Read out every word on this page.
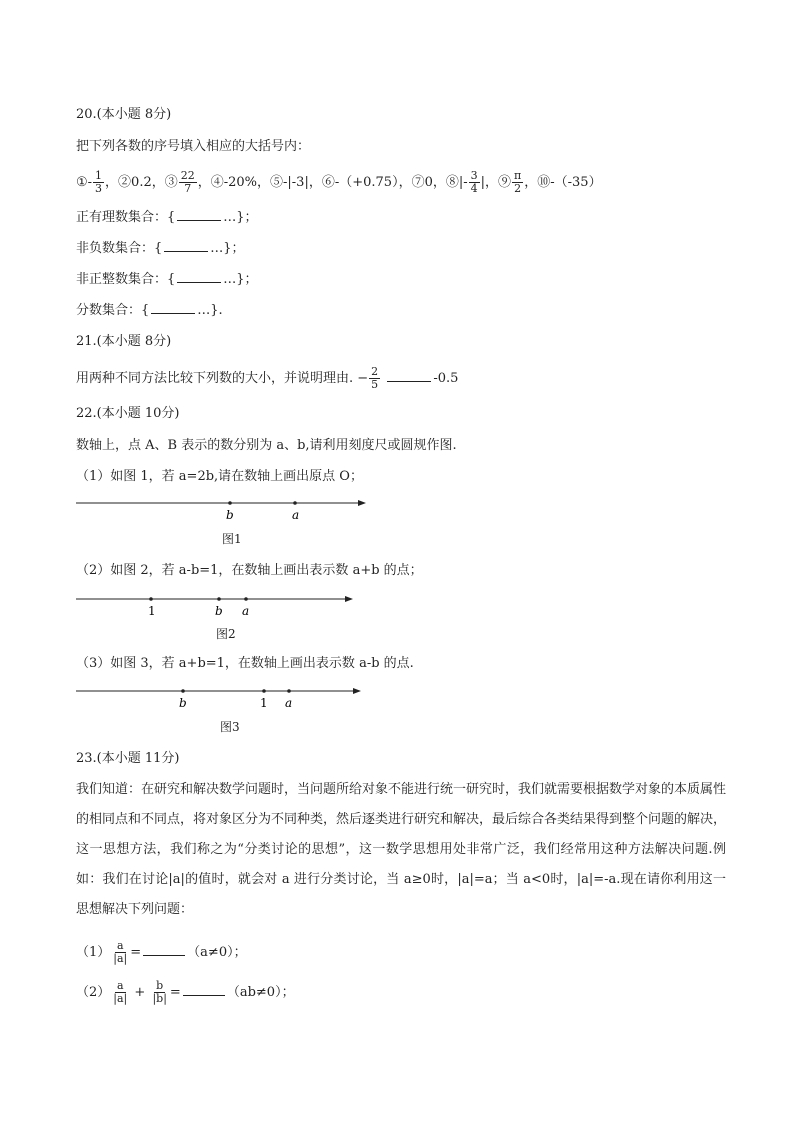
20.(本小题 8分)
把下列各数的序号填入相应的大括号内：
①- $\frac{1}{3}$ ，②0.2，③ $\frac{22}{7}$ ，④-20%，⑤-|-3|，⑥-（+0.75），⑦0，⑧|- $\frac{3}{4}$ |，⑨ $\frac{\pi}{2}$ ，⑩-（-35）
正有理数集合：{	…}；
非负数集合：{	…}；
非正整数集合：{	…}；
分数集合：{	…}.
21.(本小题 8分)
用两种不同方法比较下列数的大小，并说明理由. − $\frac{2}{5}$	-0.5
22.(本小题 10分)
数轴上，点 A、B 表示的数分别为 a、b,请利用刻度尺或圆规作图.
（1）如图 1，若 a=2b,请在数轴上画出原点 O；
b	a
图1
（2）如图 2，若 a-b=1，在数轴上画出表示数 a+b 的点；
1	b a
图2
（3）如图 3，若 a+b=1，在数轴上画出表示数 a-b 的点.
b	1 a
图3
23.(本小题 11分)
我们知道：在研究和解决数学问题时，当问题所给对象不能进行统一研究时，我们就需要根据数学对象的本质属性的相同点和不同点，将对象区分为不同种类，然后逐类进行研究和解决，最后综合各类结果得到整个问题的解决，这一思想方法，我们称之为“分类讨论的思想”，这一数学思想用处非常广泛，我们经常用这种方法解决问题.例如：我们在讨论|a|的值时，就会对 a 进行分类讨论，当 a≥0时，|a|=a；当 a<0时，|a|=-a.现在请你利用这一思想解决下列问题：
$(1) \frac{a}{|a|}$ =	（a≠0）；
$(2) \frac{a}{|a|} + \frac{b}{|b|}$ =	（ab≠0）；
